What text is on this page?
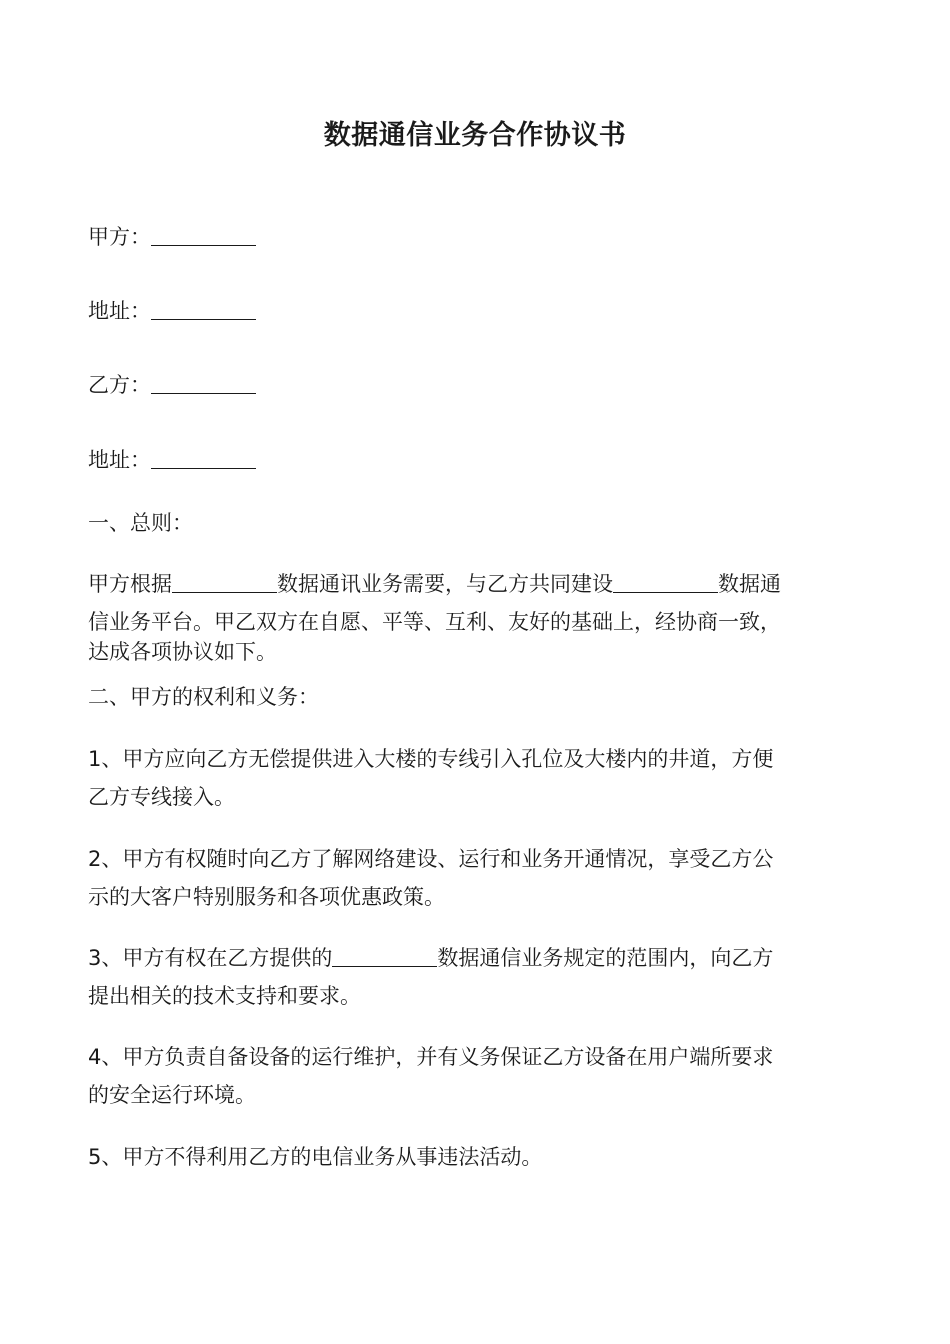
数据通信业务合作协议书

甲方：

地址：

乙方：

地址：

一、总则：

甲方根据	数据通讯业务需要，与乙方共同建设	数据通
信业务平台。甲乙双方在自愿、平等、互利、友好的基础上，经协商一致，
达成各项协议如下。

二、甲方的权利和义务：

1、甲方应向乙方无偿提供进入大楼的专线引入孔位及大楼内的井道，方便
乙方专线接入。
2、甲方有权随时向乙方了解网络建设、运行和业务开通情况，享受乙方公
示的大客户特别服务和各项优惠政策。
3、甲方有权在乙方提供的	数据通信业务规定的范围内，向乙方
提出相关的技术支持和要求。
4、甲方负责自备设备的运行维护，并有义务保证乙方设备在用户端所要求
的安全运行环境。
5、甲方不得利用乙方的电信业务从事违法活动。
